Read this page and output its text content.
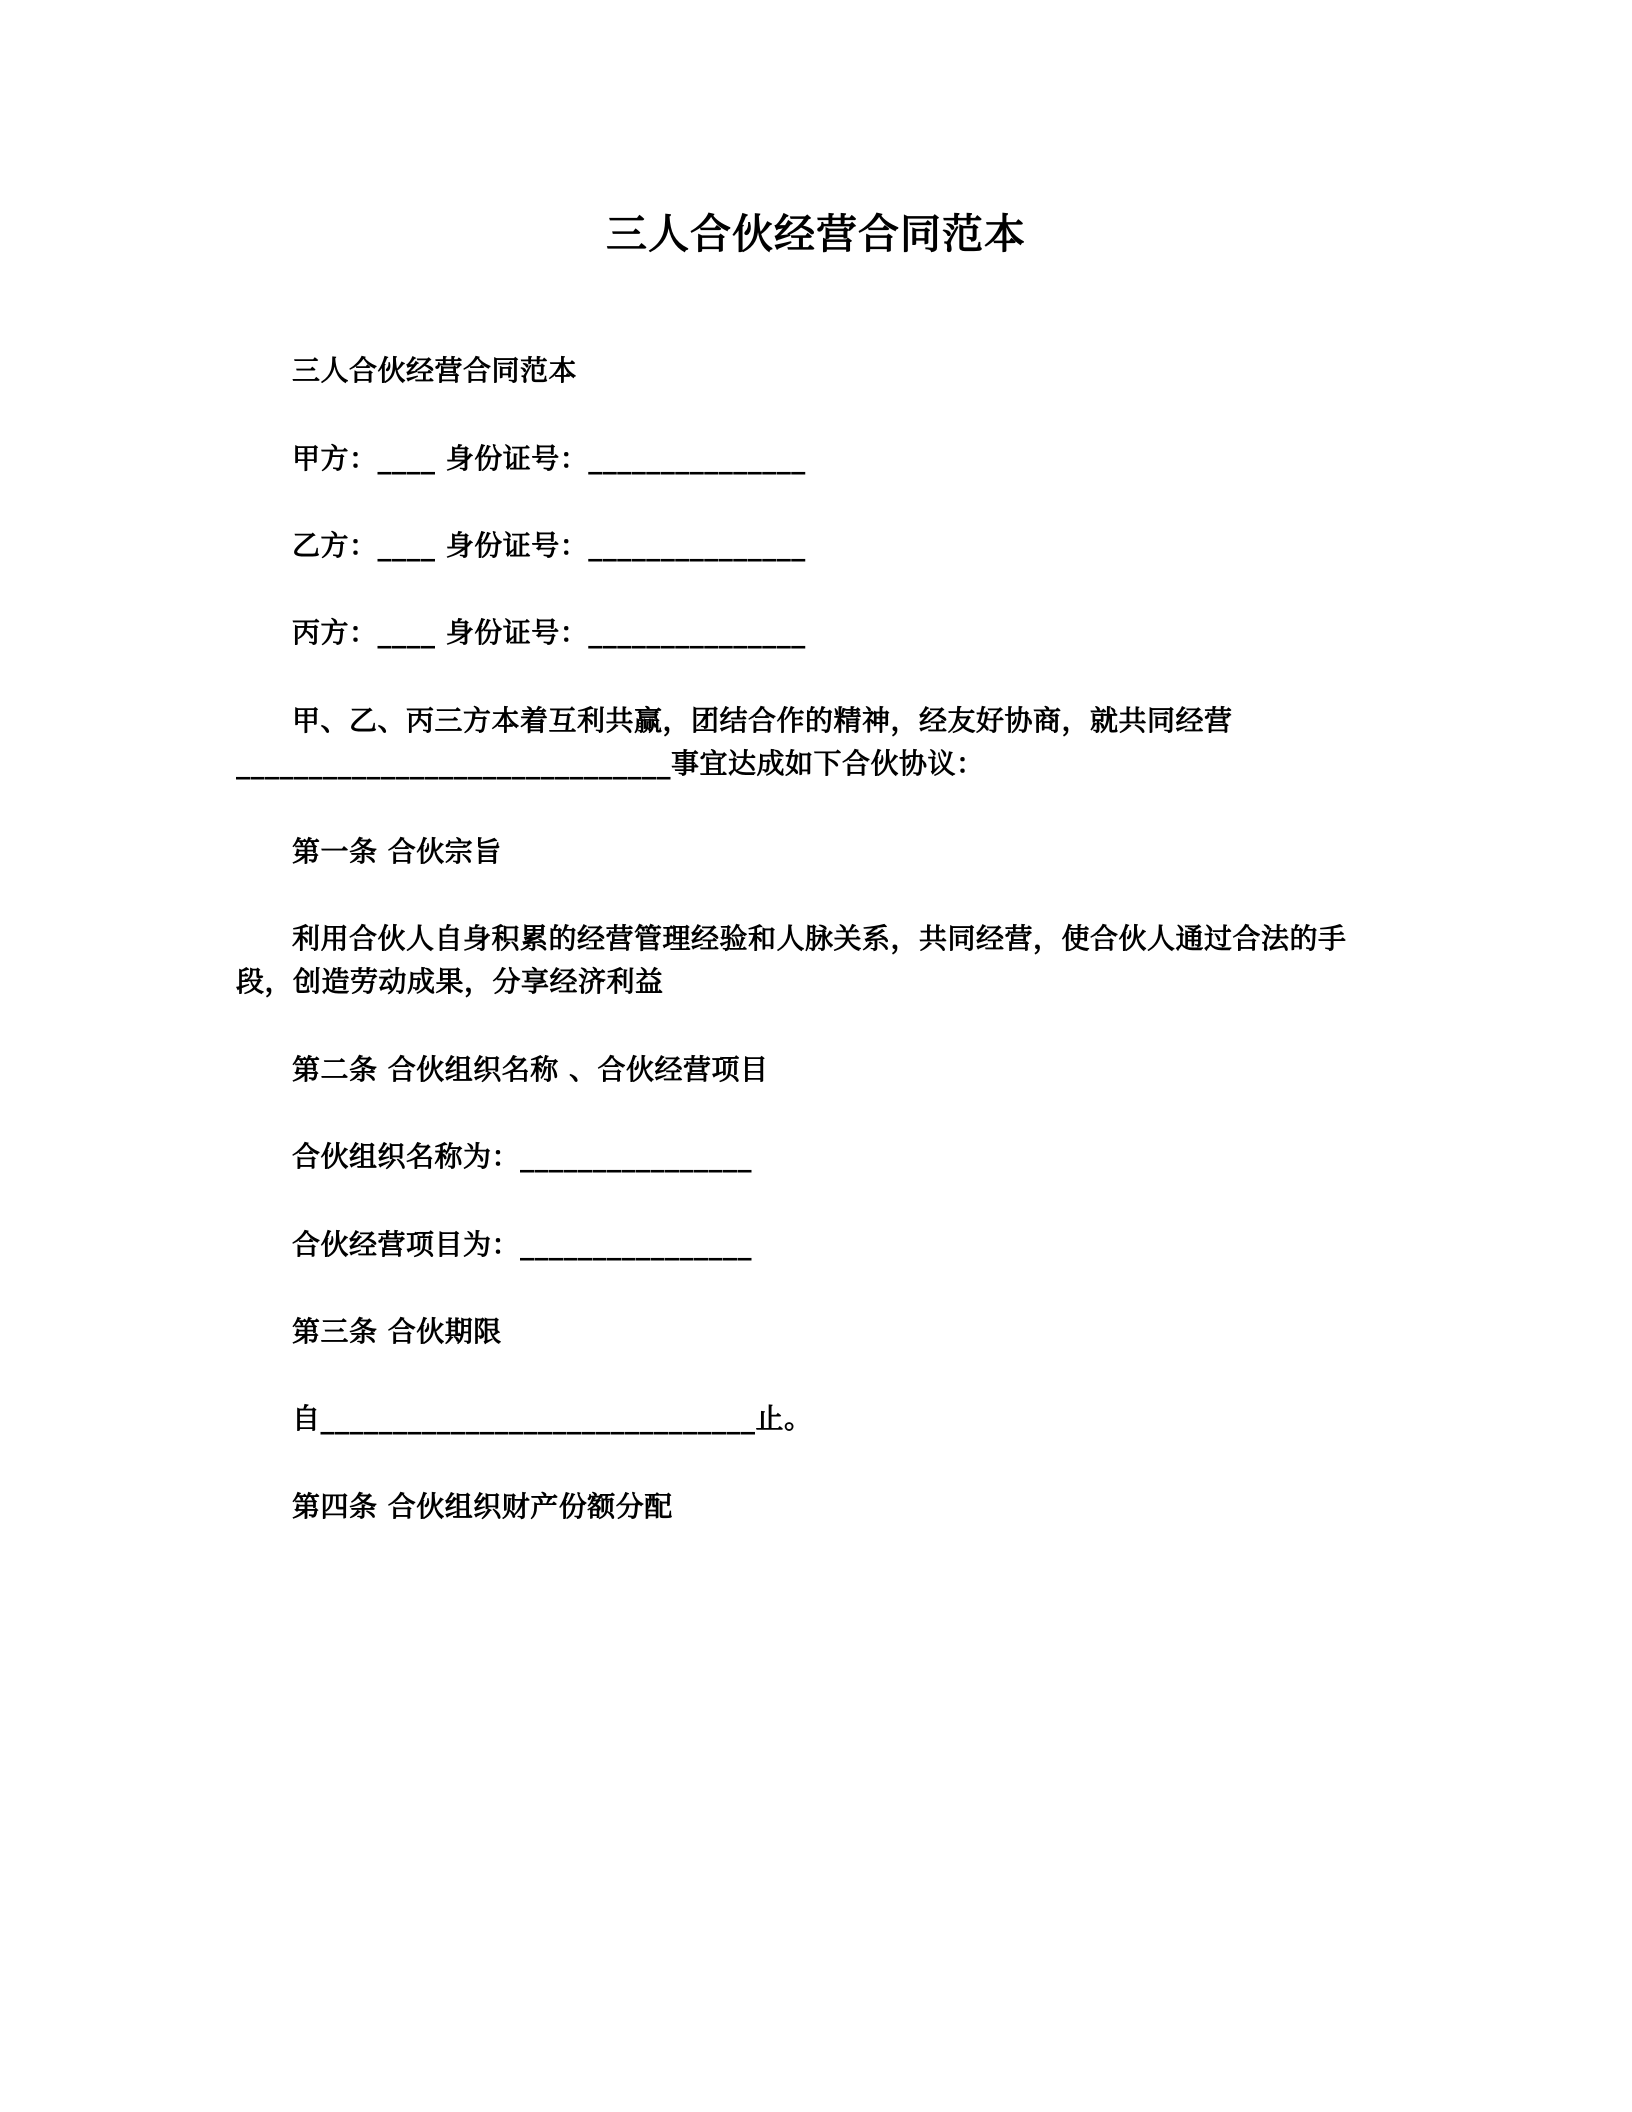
三人合伙经营合同范本

三人合伙经营合同范本

甲方：____ 身份证号：_______________

乙方：____ 身份证号：_______________

丙方：____ 身份证号：_______________

甲、乙、丙三方本着互利共赢，团结合作的精神，经友好协商，就共同经营______________________________事宜达成如下合伙协议：

第一条 合伙宗旨

利用合伙人自身积累的经营管理经验和人脉关系，共同经营，使合伙人通过合法的手段，创造劳动成果，分享经济利益

第二条 合伙组织名称 、合伙经营项目

合伙组织名称为：________________

合伙经营项目为：________________

第三条 合伙期限

自______________________________止。

第四条 合伙组织财产份额分配
